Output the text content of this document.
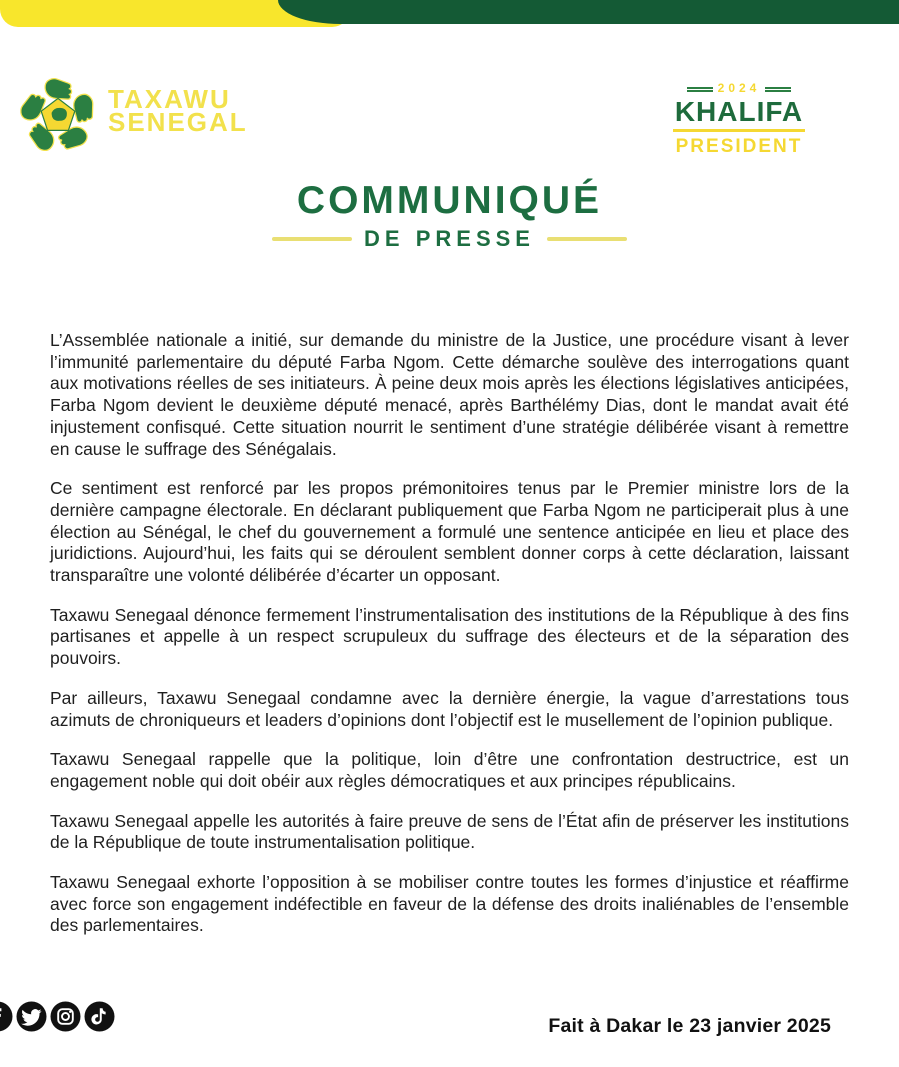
TAXAWU
SENEGAL
2024
KHALIFA
PRESIDENT
COMMUNIQUÉ
DE PRESSE

L’Assemblée nationale a initié, sur demande du ministre de la Justice, une procédure visant à lever l’immunité parlementaire du député Farba Ngom. Cette démarche soulève des interrogations quant aux motivations réelles de ses initiateurs. À peine deux mois après les élections législatives anticipées, Farba Ngom devient le deuxième député menacé, après Barthélémy Dias, dont le mandat avait été injustement confisqué. Cette situation nourrit le sentiment d’une stratégie délibérée visant à remettre en cause le suffrage des Sénégalais.

Ce sentiment est renforcé par les propos prémonitoires tenus par le Premier ministre lors de la dernière campagne électorale. En déclarant publiquement que Farba Ngom ne participerait plus à une élection au Sénégal, le chef du gouvernement a formulé une sentence anticipée en lieu et place des juridictions. Aujourd’hui, les faits qui se déroulent semblent donner corps à cette déclaration, laissant transparaître une volonté délibérée d’écarter un opposant.

Taxawu Senegaal dénonce fermement l’instrumentalisation des institutions de la République à des fins partisanes et appelle à un respect scrupuleux du suffrage des électeurs et de la séparation des pouvoirs.

Par ailleurs, Taxawu Senegaal condamne avec la dernière énergie, la vague d’arrestations tous azimuts de chroniqueurs et leaders d’opinions dont l’objectif est le musellement de l’opinion publique.

Taxawu Senegaal rappelle que la politique, loin d’être une confrontation destructrice, est un engagement noble qui doit obéir aux règles démocratiques et aux principes républicains.

Taxawu Senegaal appelle les autorités à faire preuve de sens de l’État afin de préserver les institutions de la République de toute instrumentalisation politique.

Taxawu Senegaal exhorte l’opposition à se mobiliser contre toutes les formes d’injustice et réaffirme avec force son engagement indéfectible en faveur de la défense des droits inaliénables de l’ensemble des parlementaires.

Fait à Dakar le 23 janvier 2025
